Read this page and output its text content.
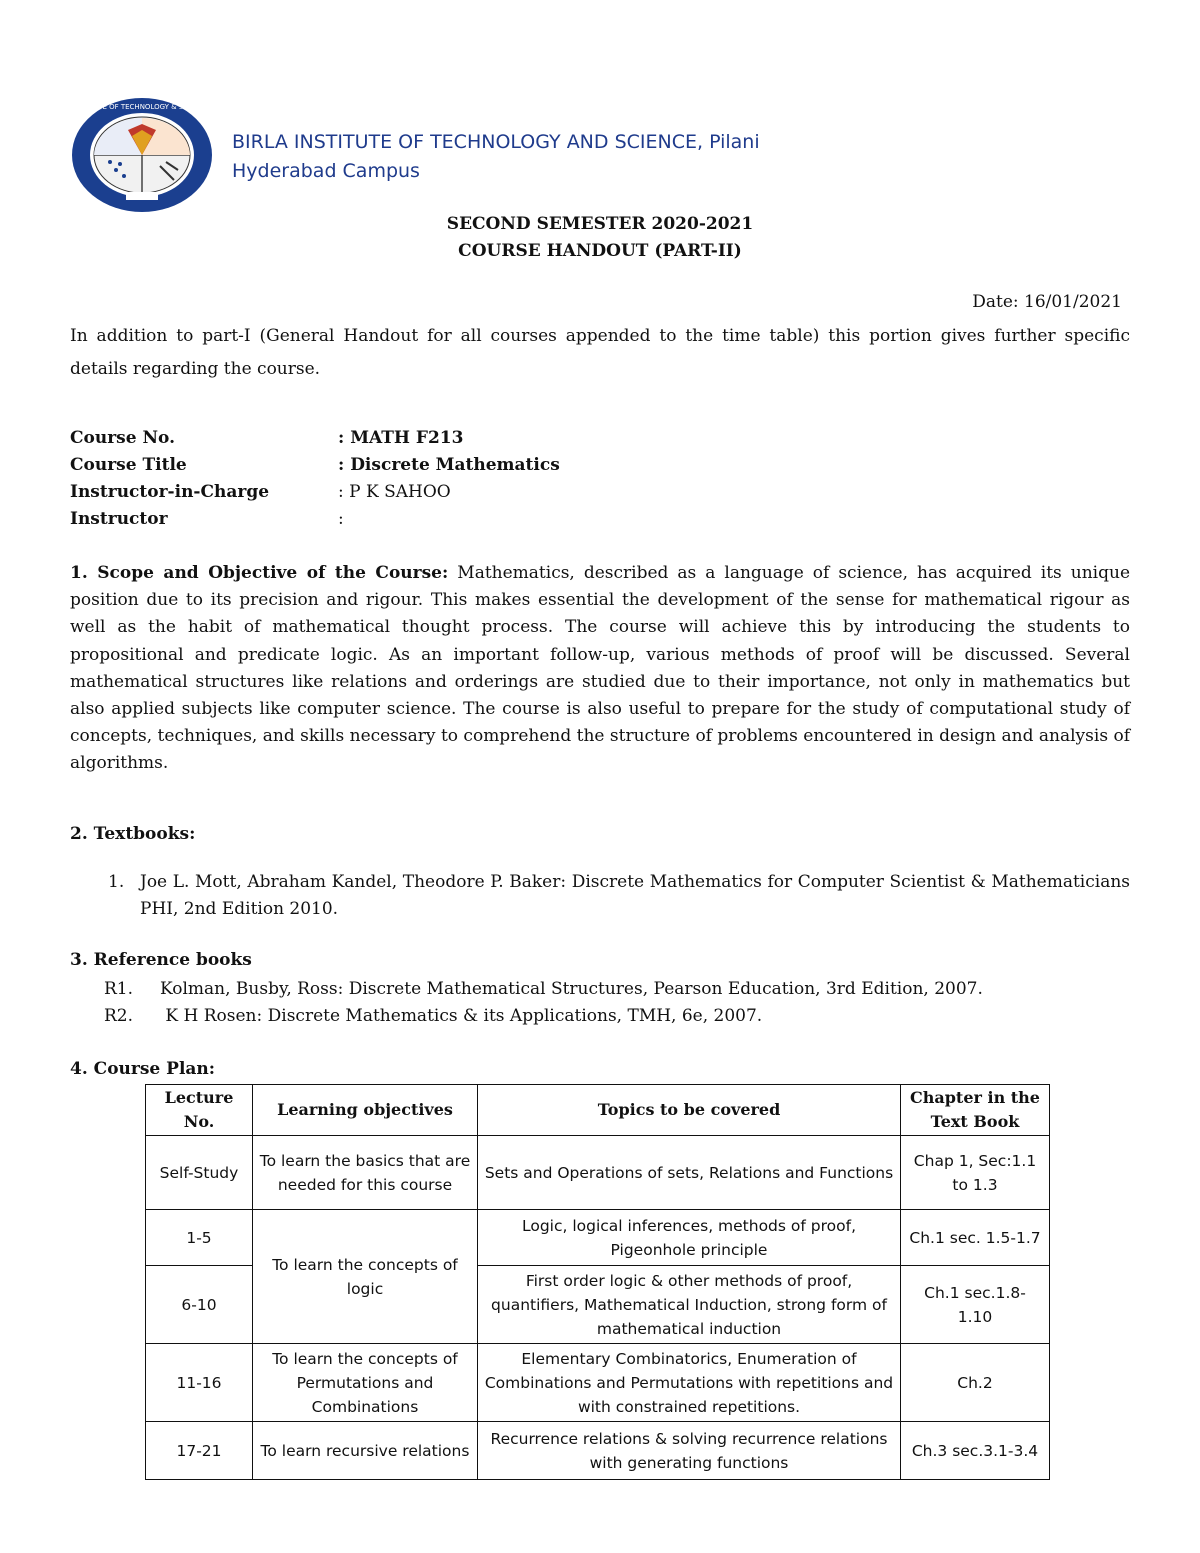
BIRLA INSTITUTE OF TECHNOLOGY & SCIENCE, PILANI
BIRLA INSTITUTE OF TECHNOLOGY AND SCIENCE, Pilani
Hyderabad Campus
SECOND SEMESTER 2020-2021
COURSE HANDOUT (PART-II)
Date: 16/01/2021

In addition to part-I (General Handout for all courses appended to the time table) this portion gives further specific details regarding the course.

Course No.	: MATH F213
Course Title	: Discrete Mathematics
Instructor-in-Charge	: P K SAHOO
Instructor	:
1. Scope and Objective of the Course: Mathematics, described as a language of science, has acquired its unique position due to its precision and rigour. This makes essential the development of the sense for mathematical rigour as well as the habit of mathematical thought process. The course will achieve this by introducing the students to propositional and predicate logic. As an important follow-up, various methods of proof will be discussed. Several mathematical structures like relations and orderings are studied due to their importance, not only in mathematics but also applied subjects like computer science. The course is also useful to prepare for the study of computational study of concepts, techniques, and skills necessary to comprehend the structure of problems encountered in design and analysis of algorithms.
2. Textbooks:
1. Joe L. Mott, Abraham Kandel, Theodore P. Baker: Discrete Mathematics for Computer Scientist & Mathematicians PHI, 2nd Edition 2010.
3. Reference books
R1. Kolman, Busby, Ross: Discrete Mathematical Structures, Pearson Education, 3rd Edition, 2007.
R2. K H Rosen: Discrete Mathematics & its Applications, TMH, 6e, 2007.
4. Course Plan:
Lecture No.	Learning objectives	Topics to be covered	Chapter in the Text Book
Self-Study	To learn the basics that are needed for this course	Sets and Operations of sets, Relations and Functions	Chap 1, Sec:1.1 to 1.3
1-5	To learn the concepts of logic	Logic, logical inferences, methods of proof, Pigeonhole principle	Ch.1 sec. 1.5-1.7
6-10		First order logic & other methods of proof, quantifiers, Mathematical Induction, strong form of mathematical induction	Ch.1 sec.1.8-1.10
11-16	To learn the concepts of Permutations and Combinations	Elementary Combinatorics, Enumeration of Combinations and Permutations with repetitions and with constrained repetitions.	Ch.2
17-21	To learn recursive relations	Recurrence relations & solving recurrence relations with generating functions	Ch.3 sec.3.1-3.4
